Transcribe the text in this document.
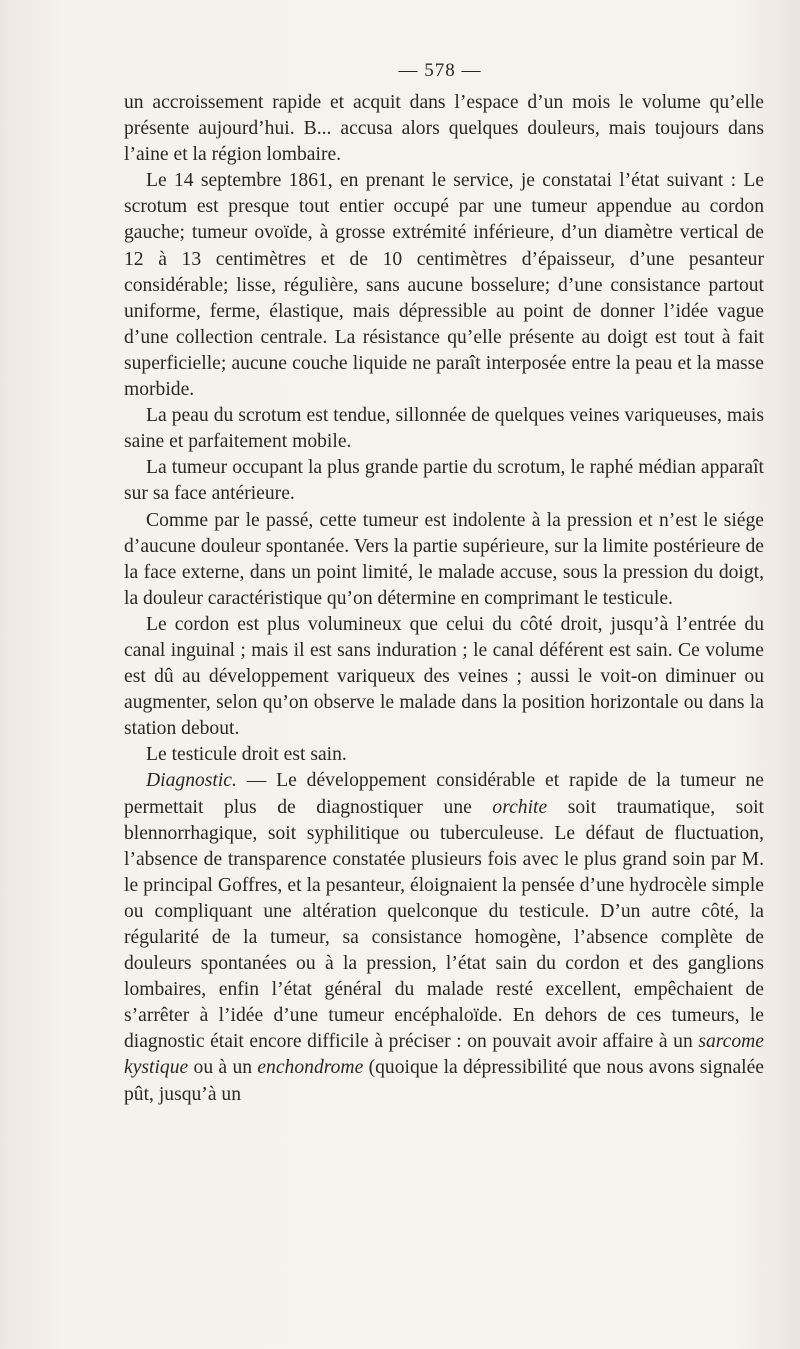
— 578 —

un accroissement rapide et acquit dans l’espace d’un mois le volume qu’elle présente aujourd’hui. B... accusa alors quelques douleurs, mais toujours dans l’aine et la région lombaire.

Le 14 septembre 1861, en prenant le service, je constatai l’état suivant : Le scrotum est presque tout entier occupé par une tumeur appendue au cordon gauche; tumeur ovoïde, à grosse extrémité inférieure, d’un diamètre vertical de 12 à 13 centimètres et de 10 centimètres d’épaisseur, d’une pesanteur considérable; lisse, régulière, sans aucune bosselure; d’une consistance partout uniforme, ferme, élastique, mais dépressible au point de donner l’idée vague d’une collection centrale. La résistance qu’elle présente au doigt est tout à fait superficielle; aucune couche liquide ne paraît interposée entre la peau et la masse morbide.

La peau du scrotum est tendue, sillonnée de quelques veines variqueuses, mais saine et parfaitement mobile.

La tumeur occupant la plus grande partie du scrotum, le raphé médian apparaît sur sa face antérieure.

Comme par le passé, cette tumeur est indolente à la pression et n’est le siége d’aucune douleur spontanée. Vers la partie supérieure, sur la limite postérieure de la face externe, dans un point limité, le malade accuse, sous la pression du doigt, la douleur caractéristique qu’on détermine en comprimant le testicule.

Le cordon est plus volumineux que celui du côté droit, jusqu’à l’entrée du canal inguinal ; mais il est sans induration ; le canal déférent est sain. Ce volume est dû au développement variqueux des veines ; aussi le voit-on diminuer ou augmenter, selon qu’on observe le malade dans la position horizontale ou dans la station debout.

Le testicule droit est sain.

Diagnostic. — Le développement considérable et rapide de la tumeur ne permettait plus de diagnostiquer une orchite soit traumatique, soit blennorrhagique, soit syphilitique ou tuberculeuse. Le défaut de fluctuation, l’absence de transparence constatée plusieurs fois avec le plus grand soin par M. le principal Goffres, et la pesanteur, éloignaient la pensée d’une hydrocèle simple ou compliquant une altération quelconque du testicule. D’un autre côté, la régularité de la tumeur, sa consistance homogène, l’absence complète de douleurs spontanées ou à la pression, l’état sain du cordon et des ganglions lombaires, enfin l’état général du malade resté excellent, empêchaient de s’arrêter à l’idée d’une tumeur encéphaloïde. En dehors de ces tumeurs, le diagnostic était encore difficile à préciser : on pouvait avoir affaire à un sarcome kystique ou à un enchondrome (quoique la dépressibilité que nous avons signalée pût, jusqu’à un
